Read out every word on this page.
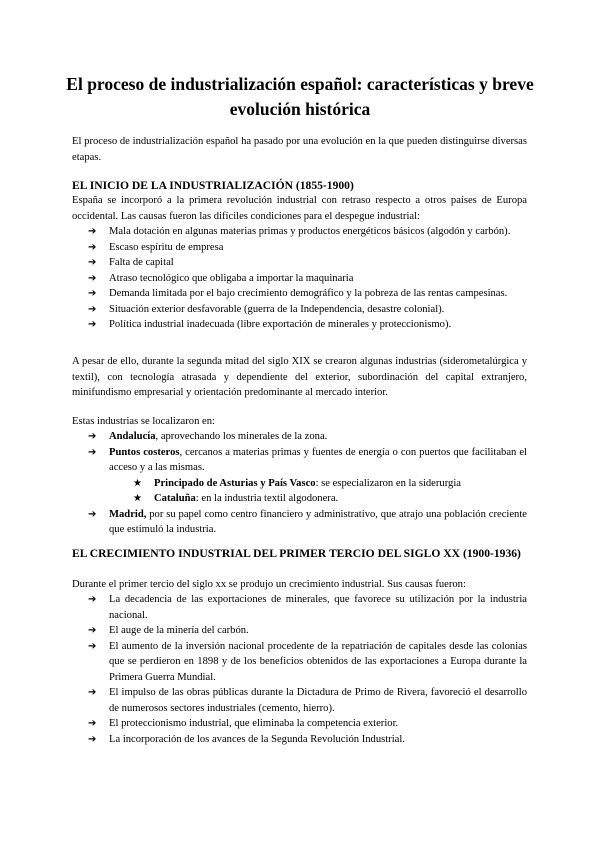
El proceso de industrialización español: características y breve evolución histórica

El proceso de industrialización español ha pasado por una evolución en la que pueden distinguirse diversas etapas.

EL INICIO DE LA INDUSTRIALIZACIÓN (1855-1900)

España se incorporó a la primera revolución industrial con retraso respecto a otros países de Europa occidental. Las causas fueron las difíciles condiciones para el despegue industrial:

➔ Mala dotación en algunas materias primas y productos energéticos básicos (algodón y carbón).
➔ Escaso espíritu de empresa
➔ Falta de capital
➔ Atraso tecnológico que obligaba a importar la maquinaria
➔ Demanda limitada por el bajo crecimiento demográfico y la pobreza de las rentas campesinas.
➔ Situación exterior desfavorable (guerra de la Independencia, desastre colonial).
➔ Política industrial inadecuada (libre exportación de minerales y proteccionismo).

A pesar de ello, durante la segunda mitad del siglo XIX se crearon algunas industrias (siderometalúrgica y textil), con tecnología atrasada y dependiente del exterior, subordinación del capital extranjero, minifundismo empresarial y orientación predominante al mercado interior.

Estas industrias se localizaron en:

➔ Andalucía, aprovechando los minerales de la zona.
➔ Puntos costeros, cercanos a materias primas y fuentes de energía o con puertos que facilitaban el acceso y a las mismas.
★ Principado de Asturias y País Vasco: se especializaron en la siderurgia
★ Cataluña: en la industria textil algodonera.
➔ Madrid, por su papel como centro financiero y administrativo, que atrajo una población creciente que estimuló la industria.
EL CRECIMIENTO INDUSTRIAL DEL PRIMER TERCIO DEL SIGLO XX (1900-1936)

Durante el primer tercio del siglo xx se produjo un crecimiento industrial. Sus causas fueron:

➔ La decadencia de las exportaciones de minerales, que favorece su utilización por la industria nacional.
➔ El auge de la minería del carbón.
➔ El aumento de la inversión nacional procedente de la repatriación de capitales desde las colonias que se perdieron en 1898 y de los beneficios obtenidos de las exportaciones a Europa durante la Primera Guerra Mundial.
➔ El impulso de las obras públicas durante la Dictadura de Primo de Rivera, favoreció el desarrollo de numerosos sectores industriales (cemento, hierro).
➔ El proteccionismo industrial, que eliminaba la competencia exterior.
➔ La incorporación de los avances de la Segunda Revolución Industrial.
